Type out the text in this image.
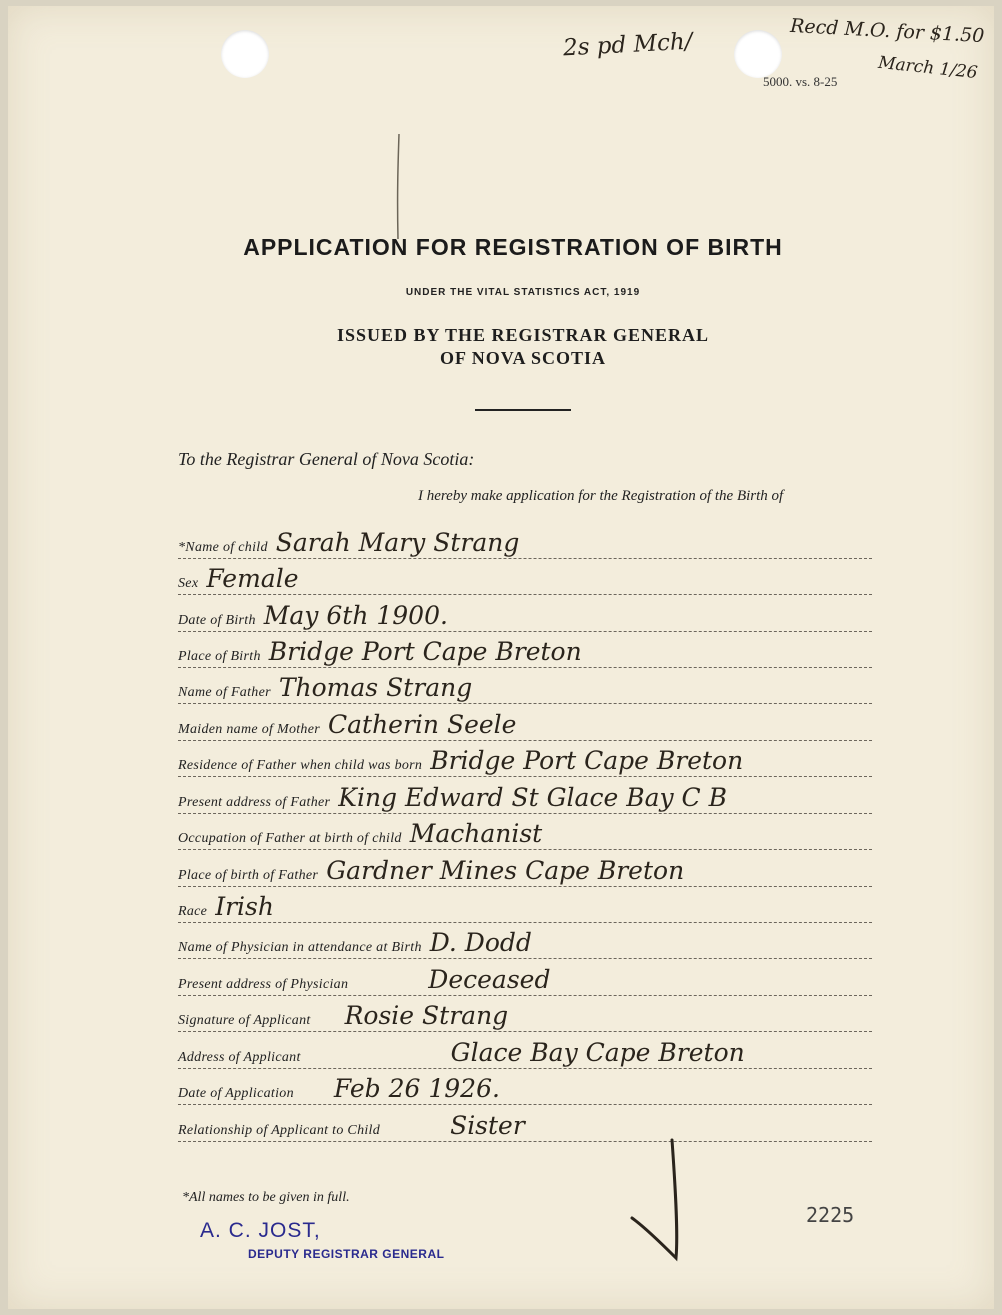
2s pd Mch/	Recd M.O. for $1.50
March 1/26
5000. vs. 8-25
APPLICATION FOR REGISTRATION OF BIRTH
UNDER THE VITAL STATISTICS ACT, 1919
ISSUED BY THE REGISTRAR GENERAL
OF NOVA SCOTIA
To the Registrar General of Nova Scotia:
I hereby make application for the Registration of the Birth of
*Name of child Sarah Mary Strang
Sex Female
Date of Birth May 6th 1900.
Place of Birth Bridge Port Cape Breton
Name of Father Thomas Strang
Maiden name of Mother Catherin Seele
Residence of Father when child was born Bridge Port Cape Breton
Present address of Father King Edward St Glace Bay C B
Occupation of Father at birth of child Machanist
Place of birth of Father Gardner Mines Cape Breton
Race Irish
Name of Physician in attendance at Birth D. Dodd
Present address of Physician	Deceased
Signature of Applicant Rosie Strang
Address of Applicant	Glace Bay Cape Breton
Date of Application Feb 26 1926.
Relationship of Applicant to Child	Sister
*All names to be given in full.
2225
A. C. JOST,
DEPUTY REGISTRAR GENERAL
